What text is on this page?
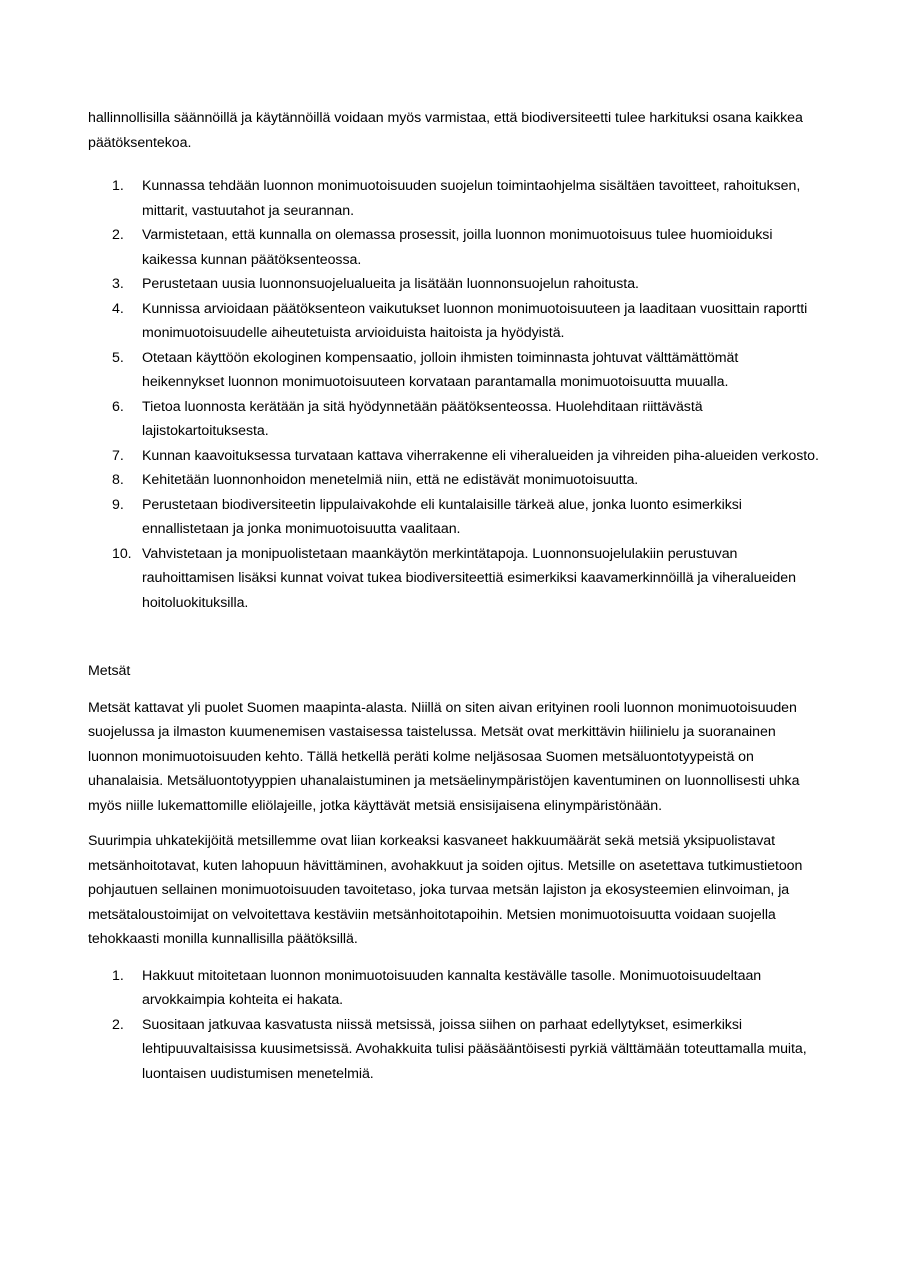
hallinnollisilla säännöillä ja käytännöillä voidaan myös varmistaa, että biodiversiteetti tulee harkituksi osana kaikkea päätöksentekoa.

1. Kunnassa tehdään luonnon monimuotoisuuden suojelun toimintaohjelma sisältäen tavoitteet, rahoituksen, mittarit, vastuutahot ja seurannan.
2. Varmistetaan, että kunnalla on olemassa prosessit, joilla luonnon monimuotoisuus tulee huomioiduksi kaikessa kunnan päätöksenteossa.
3. Perustetaan uusia luonnonsuojelualueita ja lisätään luonnonsuojelun rahoitusta.
4. Kunnissa arvioidaan päätöksenteon vaikutukset luonnon monimuotoisuuteen ja laaditaan vuosittain raportti monimuotoisuudelle aiheutetuista arvioiduista haitoista ja hyödyistä.
5. Otetaan käyttöön ekologinen kompensaatio, jolloin ihmisten toiminnasta johtuvat välttämättömät heikennykset luonnon monimuotoisuuteen korvataan parantamalla monimuotoisuutta muualla.
6. Tietoa luonnosta kerätään ja sitä hyödynnetään päätöksenteossa. Huolehditaan riittävästä lajistokartoituksesta.
7. Kunnan kaavoituksessa turvataan kattava viherrakenne eli viheralueiden ja vihreiden piha-alueiden verkosto.
8. Kehitetään luonnonhoidon menetelmiä niin, että ne edistävät monimuotoisuutta.
9. Perustetaan biodiversiteetin lippulaivakohde eli kuntalaisille tärkeä alue, jonka luonto esimerkiksi ennallistetaan ja jonka monimuotoisuutta vaalitaan.
10. Vahvistetaan ja monipuolistetaan maankäytön merkintätapoja. Luonnonsuojelulakiin perustuvan rauhoittamisen lisäksi kunnat voivat tukea biodiversiteettiä esimerkiksi kaavamerkinnöillä ja viheralueiden hoitoluokituksilla.

Metsät

Metsät kattavat yli puolet Suomen maapinta-alasta. Niillä on siten aivan erityinen rooli luonnon monimuotoisuuden suojelussa ja ilmaston kuumenemisen vastaisessa taistelussa. Metsät ovat merkittävin hiilinielu ja suoranainen luonnon monimuotoisuuden kehto. Tällä hetkellä peräti kolme neljäsosaa Suomen metsäluontotyypeistä on uhanalaisia. Metsäluontotyyppien uhanalaistuminen ja metsäelinympäristöjen kaventuminen on luonnollisesti uhka myös niille lukemattomille eliölajeille, jotka käyttävät metsiä ensisijaisena elinympäristönään.

Suurimpia uhkatekijöitä metsillemme ovat liian korkeaksi kasvaneet hakkuumäärät sekä metsiä yksipuolistavat metsänhoitotavat, kuten lahopuun hävittäminen, avohakkuut ja soiden ojitus. Metsille on asetettava tutkimustietoon pohjautuen sellainen monimuotoisuuden tavoitetaso, joka turvaa metsän lajiston ja ekosysteemien elinvoiman, ja metsätaloustoimijat on velvoitettava kestäviin metsänhoitotapoihin. Metsien monimuotoisuutta voidaan suojella tehokkaasti monilla kunnallisilla päätöksillä.

1. Hakkuut mitoitetaan luonnon monimuotoisuuden kannalta kestävälle tasolle. Monimuotoisuudeltaan arvokkaimpia kohteita ei hakata.
2. Suositaan jatkuvaa kasvatusta niissä metsissä, joissa siihen on parhaat edellytykset, esimerkiksi lehtipuuvaltaisissa kuusimetsissä. Avohakkuita tulisi pääsääntöisesti pyrkiä välttämään toteuttamalla muita, luontaisen uudistumisen menetelmiä.
